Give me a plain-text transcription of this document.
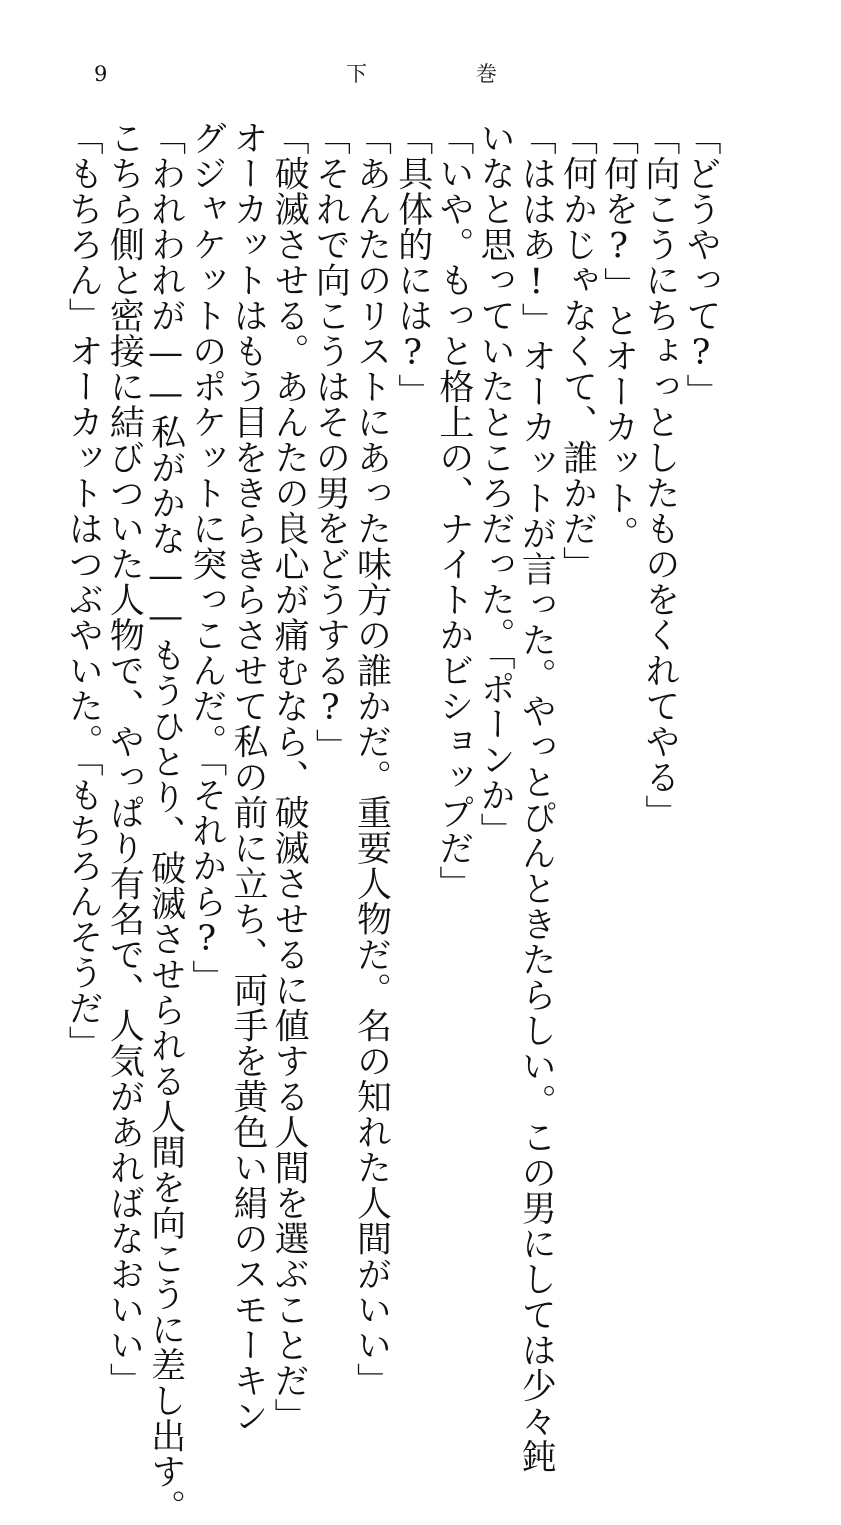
9	下	巻

「どうやって?」

「向こうにちょっとしたものをくれてやる」

「何を?」とオーカット。

「何かじゃなくて、誰かだ」

「ははあ!」オーカットが言った。やっとぴんときたらしい。この男にしては少々鈍

いなと思っていたところだった。「ポーンか」

「いや。もっと格上の、ナイトかビショップだ」

「具体的には?」

「あんたのリストにあった味方の誰かだ。重要人物だ。名の知れた人間がいい」

「それで向こうはその男をどうする?」

「破滅させる。あんたの良心が痛むなら、破滅させるに値する人間を選ぶことだ」

オーカットはもう目をきらきらさせて私の前に立ち、両手を黄色い絹のスモーキン

グジャケットのポケットに突っこんだ。「それから?」

「われわれが——私がかな——もうひとり、破滅させられる人間を向こうに差し出す。

こちら側と密接に結びついた人物で、やっぱり有名で、人気があればなおいい」

「もちろん」オーカットはつぶやいた。「もちろんそうだ」
